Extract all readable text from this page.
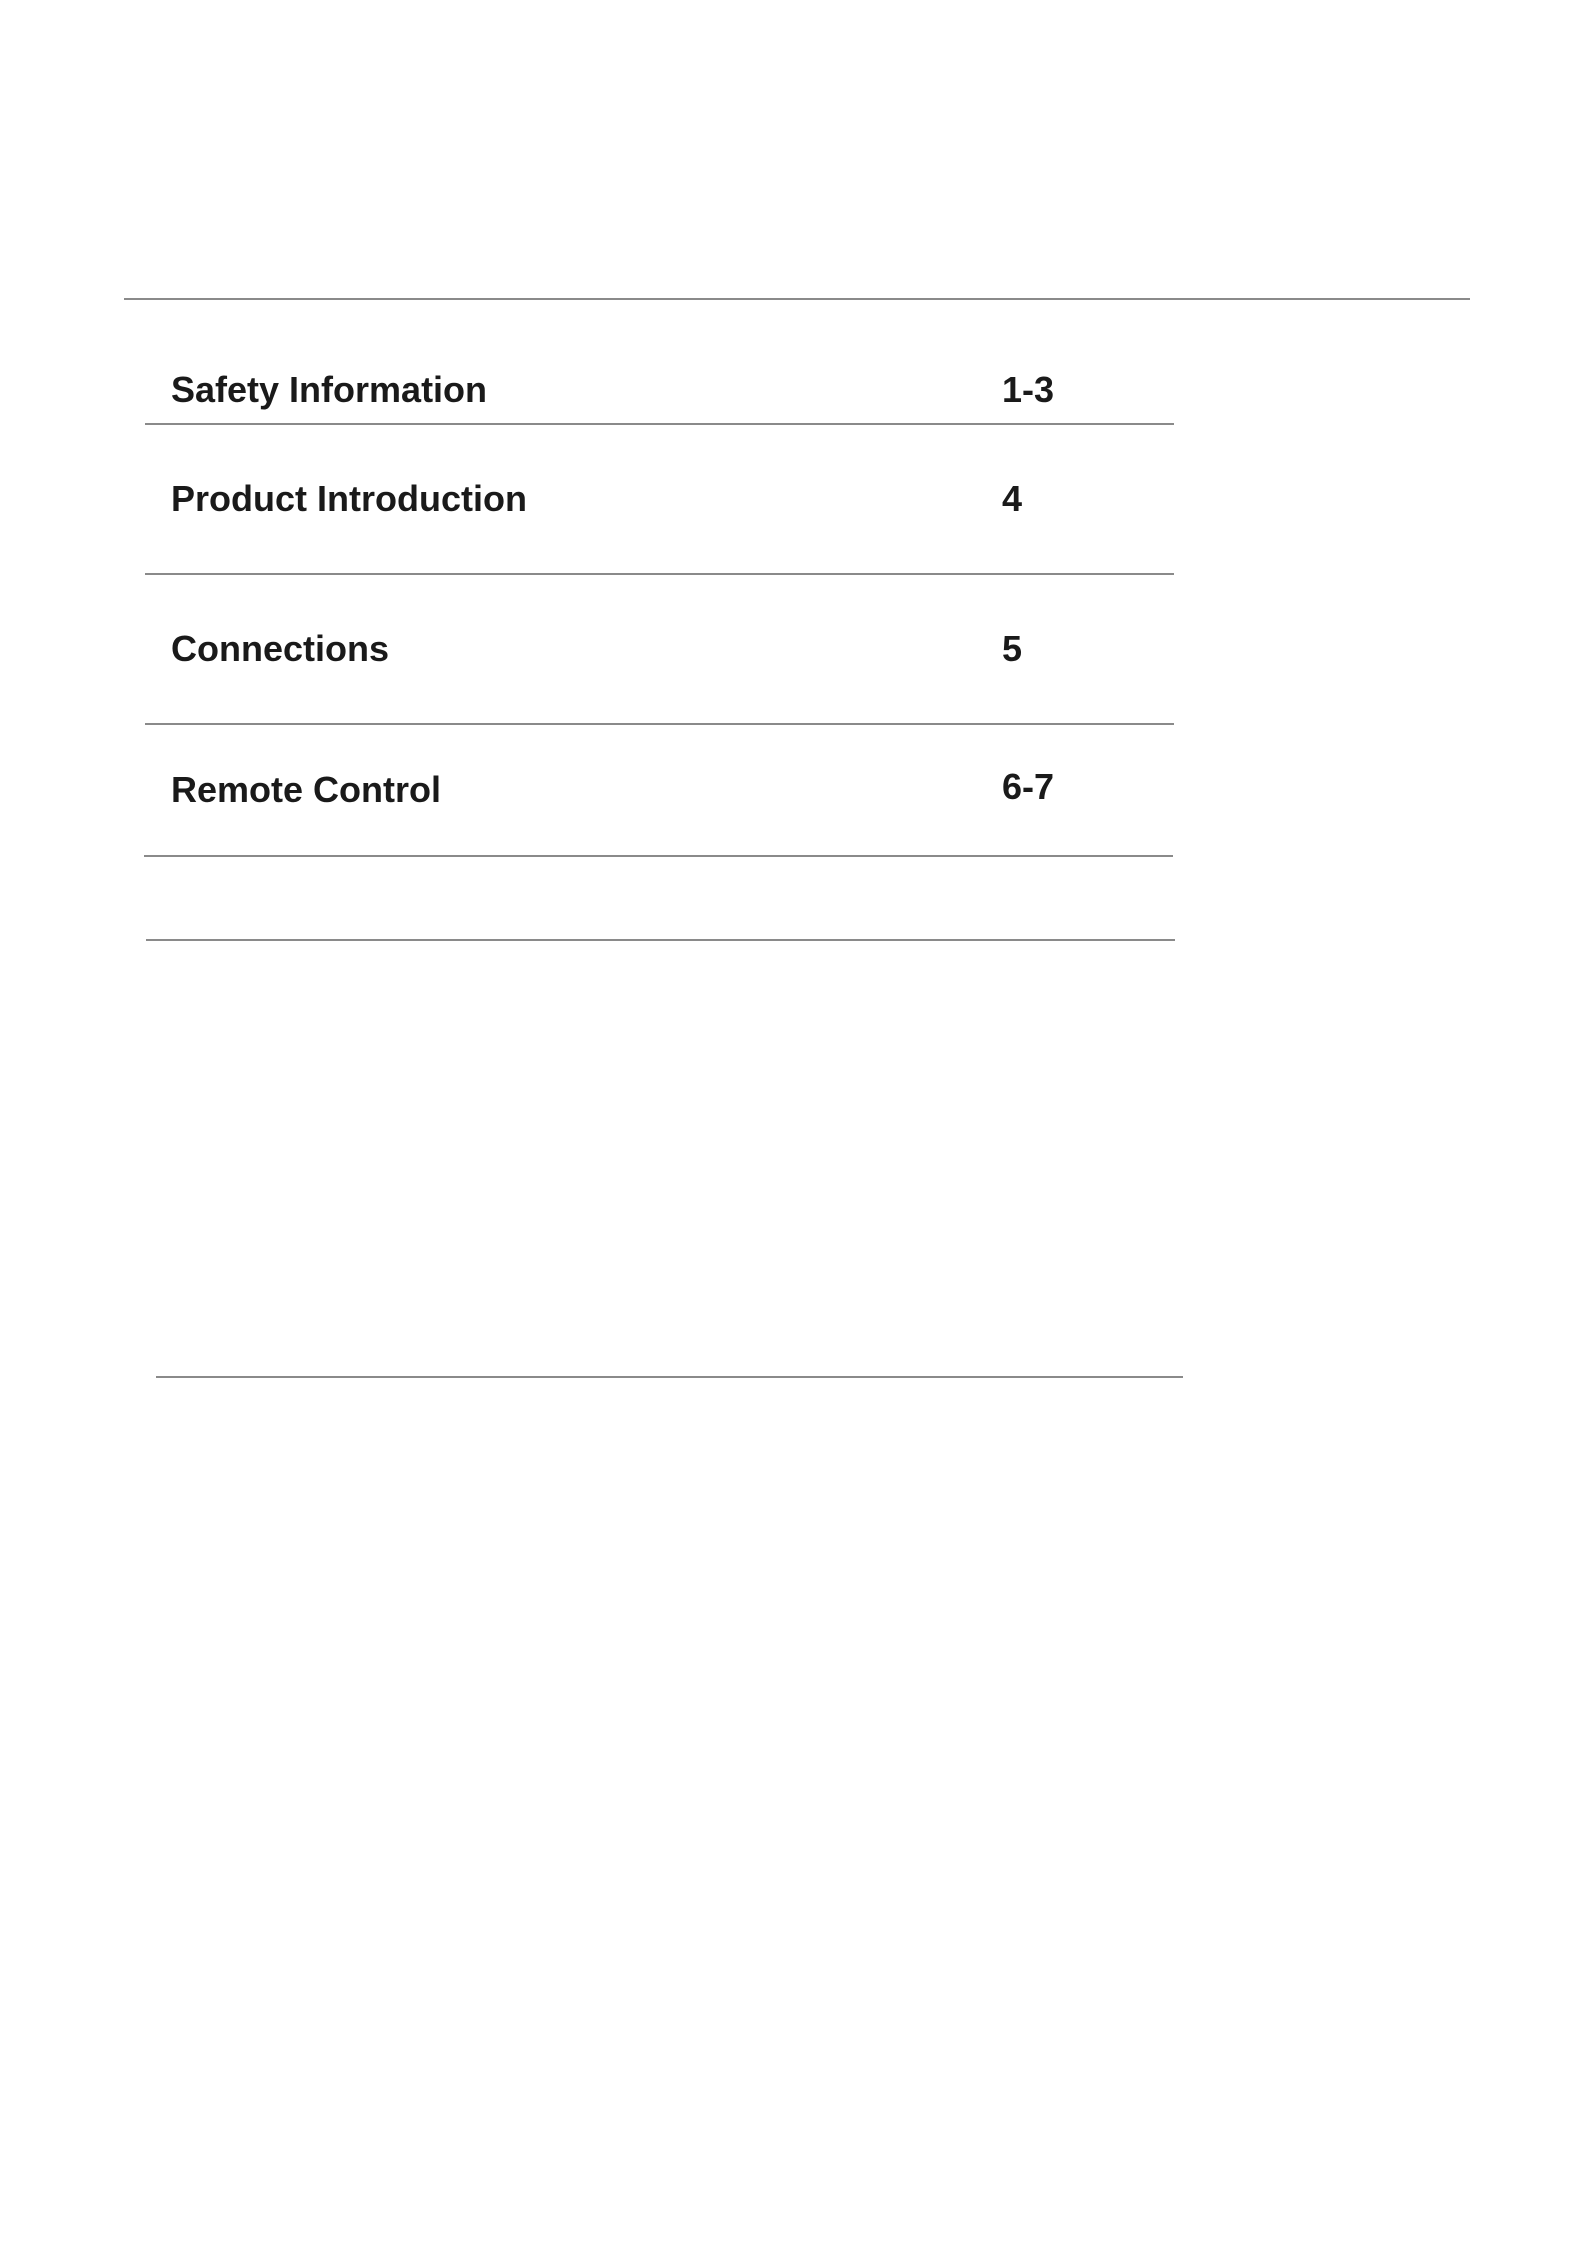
Safety Information	1-3
Product Introduction	4
Connections	5
Remote Control	6-7
